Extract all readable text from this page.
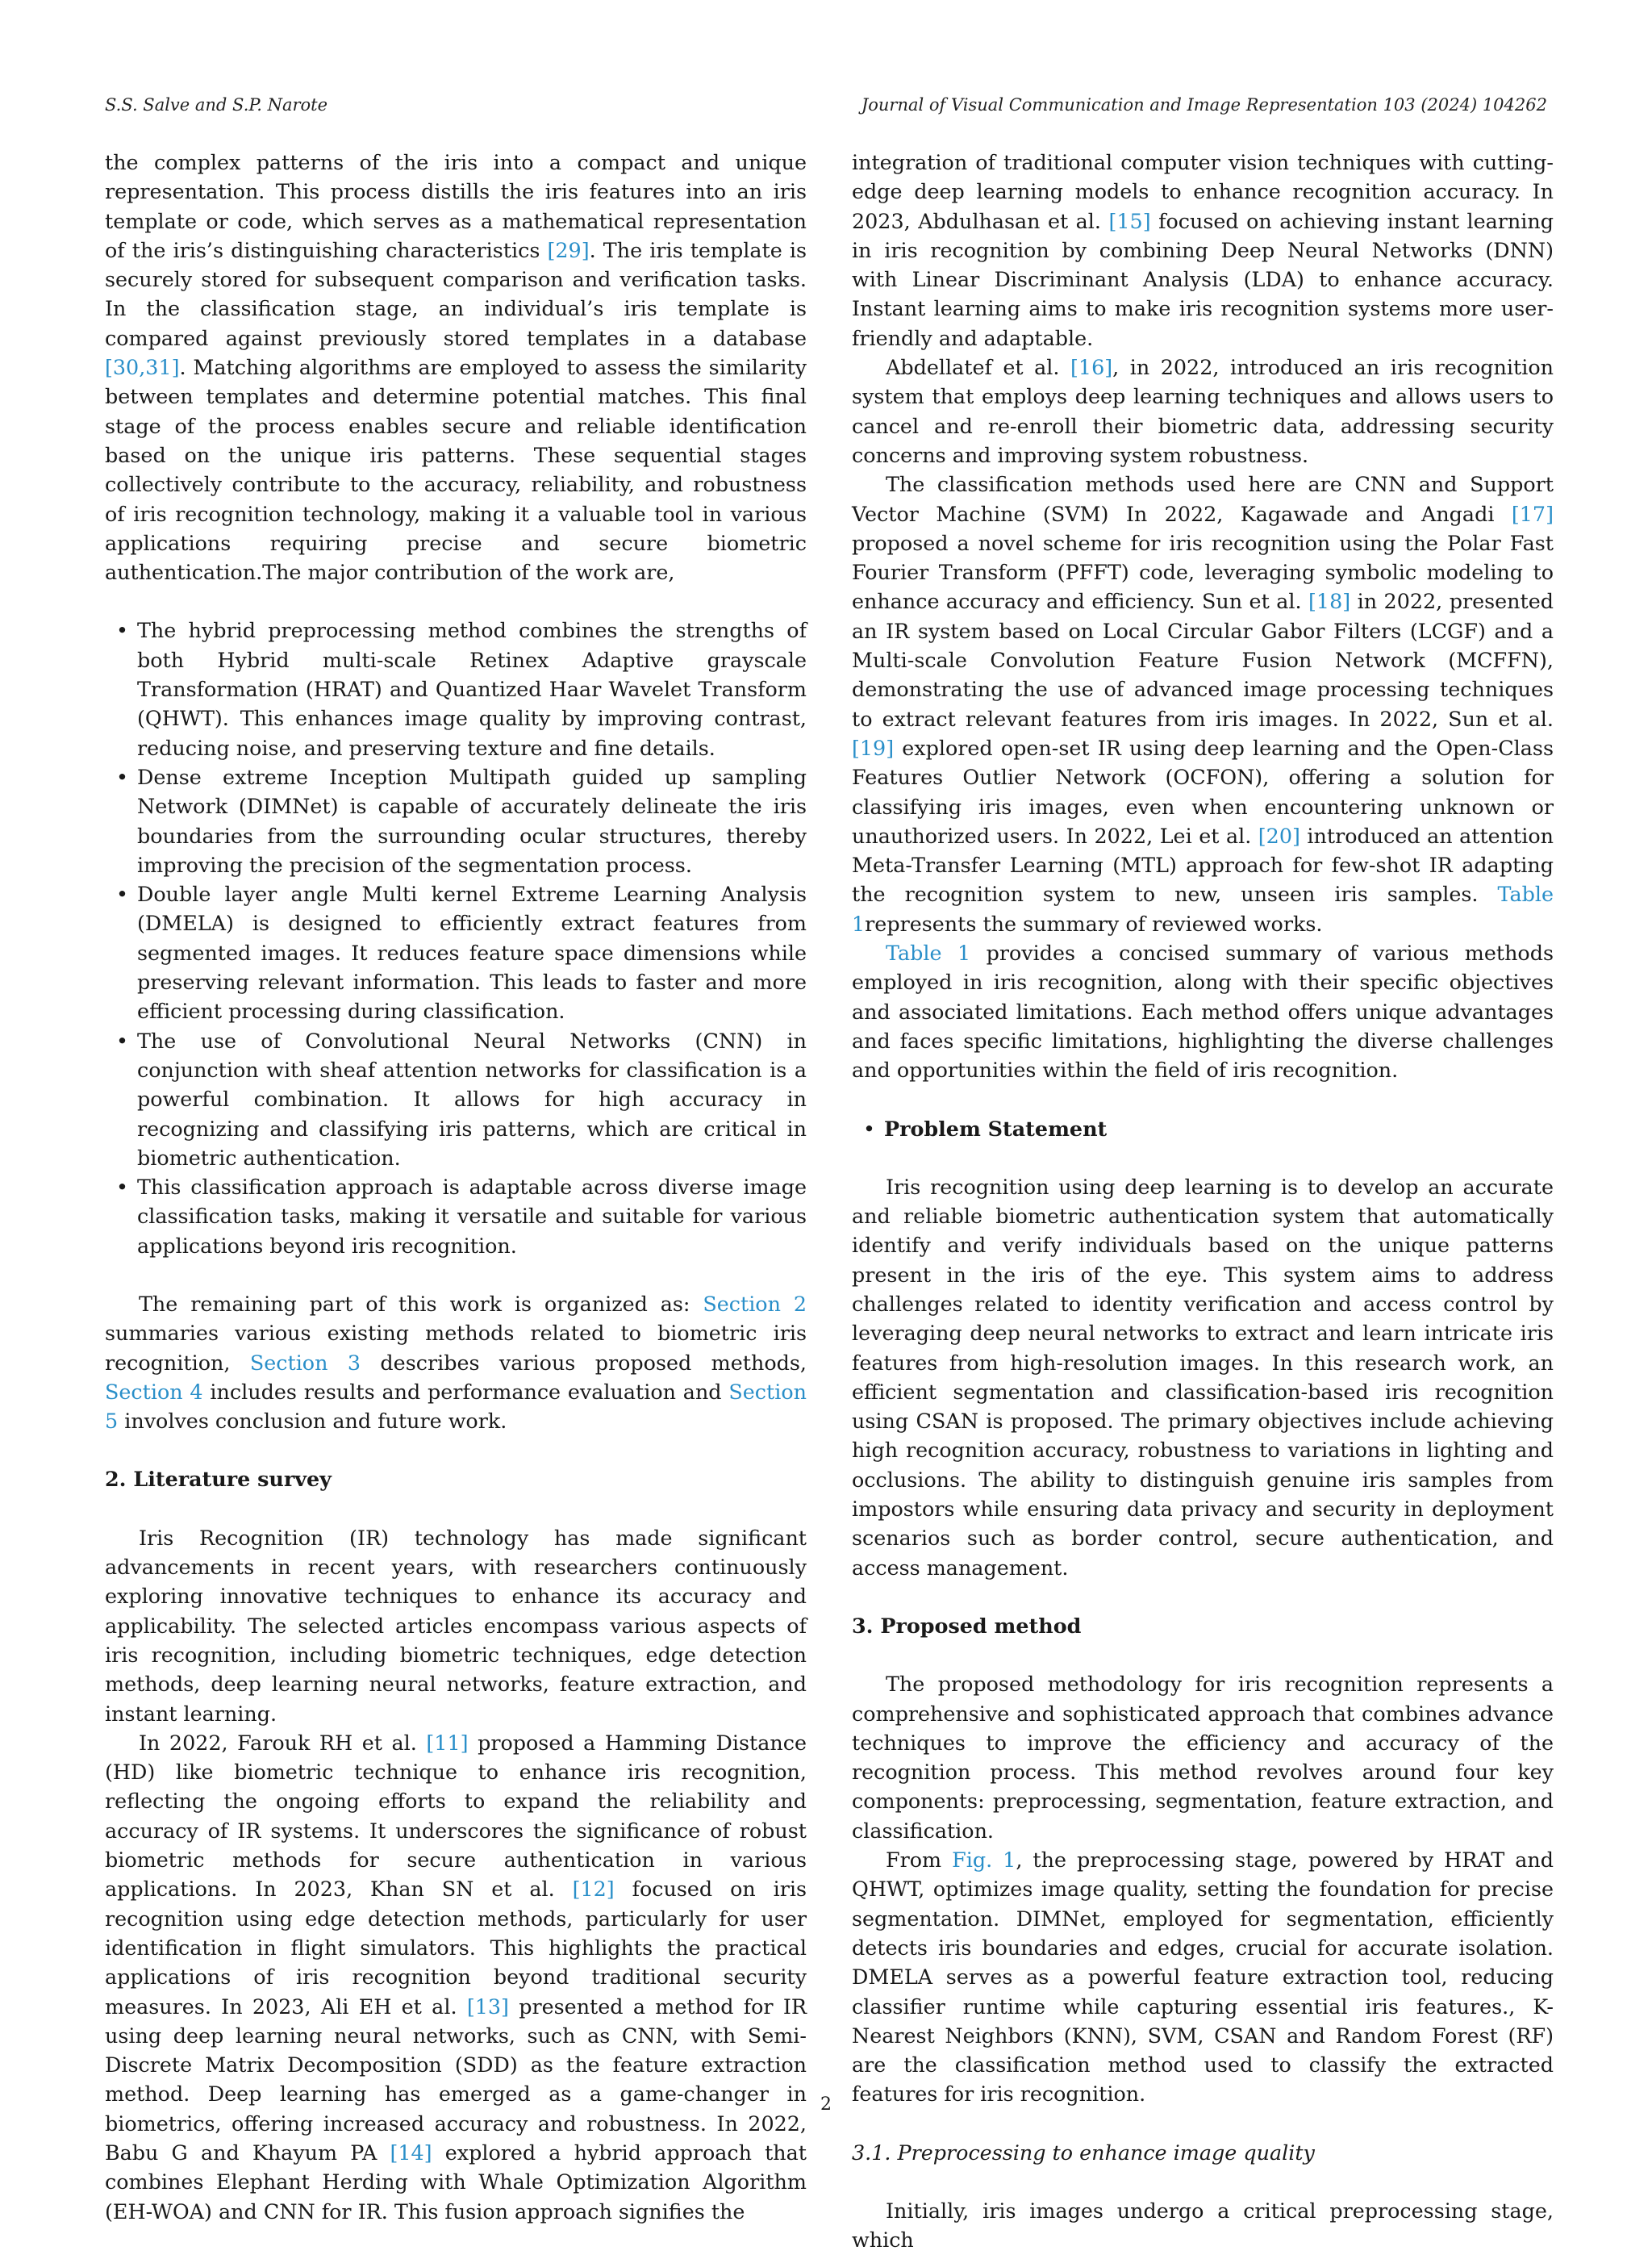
S.S. Salve and S.P. Narote	Journal of Visual Communication and Image Representation 103 (2024) 104262

the complex patterns of the iris into a compact and unique representation. This process distills the iris features into an iris template or code, which serves as a mathematical representation of the iris’s distinguishing characteristics [29]. The iris template is securely stored for subsequent comparison and verification tasks. In the classification stage, an individual’s iris template is compared against previously stored templates in a database [30,31]. Matching algorithms are employed to assess the similarity between templates and determine potential matches. This final stage of the process enables secure and reliable identification based on the unique iris patterns. These sequential stages collectively contribute to the accuracy, reliability, and robustness of iris recognition technology, making it a valuable tool in various applications requiring precise and secure biometric authentication.The major contribution of the work are,

• The hybrid preprocessing method combines the strengths of both Hybrid multi-scale Retinex Adaptive grayscale Transformation (HRAT) and Quantized Haar Wavelet Transform (QHWT). This enhances image quality by improving contrast, reducing noise, and preserving texture and fine details.
• Dense extreme Inception Multipath guided up sampling Network (DIMNet) is capable of accurately delineate the iris boundaries from the surrounding ocular structures, thereby improving the precision of the segmentation process.
• Double layer angle Multi kernel Extreme Learning Analysis (DMELA) is designed to efficiently extract features from segmented images. It reduces feature space dimensions while preserving relevant information. This leads to faster and more efficient processing during classification.
• The use of Convolutional Neural Networks (CNN) in conjunction with sheaf attention networks for classification is a powerful combination. It allows for high accuracy in recognizing and classifying iris patterns, which are critical in biometric authentication.
• This classification approach is adaptable across diverse image classification tasks, making it versatile and suitable for various applications beyond iris recognition.

The remaining part of this work is organized as: Section 2 summaries various existing methods related to biometric iris recognition, Section 3 describes various proposed methods, Section 4 includes results and performance evaluation and Section 5 involves conclusion and future work.

2. Literature survey

Iris Recognition (IR) technology has made significant advancements in recent years, with researchers continuously exploring innovative techniques to enhance its accuracy and applicability. The selected articles encompass various aspects of iris recognition, including biometric techniques, edge detection methods, deep learning neural networks, feature extraction, and instant learning.

In 2022, Farouk RH et al. [11] proposed a Hamming Distance (HD) like biometric technique to enhance iris recognition, reflecting the ongoing efforts to expand the reliability and accuracy of IR systems. It underscores the significance of robust biometric methods for secure authentication in various applications. In 2023, Khan SN et al. [12] focused on iris recognition using edge detection methods, particularly for user identification in flight simulators. This highlights the practical applications of iris recognition beyond traditional security measures. In 2023, Ali EH et al. [13] presented a method for IR using deep learning neural networks, such as CNN, with Semi-Discrete Matrix Decomposition (SDD) as the feature extraction method. Deep learning has emerged as a game-changer in biometrics, offering increased accuracy and robustness. In 2022, Babu G and Khayum PA [14] explored a hybrid approach that combines Elephant Herding with Whale Optimization Algorithm (EH-WOA) and CNN for IR. This fusion approach signifies the

integration of traditional computer vision techniques with cutting-edge deep learning models to enhance recognition accuracy. In 2023, Abdulhasan et al. [15] focused on achieving instant learning in iris recognition by combining Deep Neural Networks (DNN) with Linear Discriminant Analysis (LDA) to enhance accuracy. Instant learning aims to make iris recognition systems more user-friendly and adaptable.

Abdellatef et al. [16], in 2022, introduced an iris recognition system that employs deep learning techniques and allows users to cancel and re-enroll their biometric data, addressing security concerns and improving system robustness.

The classification methods used here are CNN and Support Vector Machine (SVM) In 2022, Kagawade and Angadi [17] proposed a novel scheme for iris recognition using the Polar Fast Fourier Transform (PFFT) code, leveraging symbolic modeling to enhance accuracy and efficiency. Sun et al. [18] in 2022, presented an IR system based on Local Circular Gabor Filters (LCGF) and a Multi-scale Convolution Feature Fusion Network (MCFFN), demonstrating the use of advanced image processing techniques to extract relevant features from iris images. In 2022, Sun et al. [19] explored open-set IR using deep learning and the Open-Class Features Outlier Network (OCFON), offering a solution for classifying iris images, even when encountering unknown or unauthorized users. In 2022, Lei et al. [20] introduced an attention Meta-Transfer Learning (MTL) approach for few-shot IR adapting the recognition system to new, unseen iris samples. Table 1represents the summary of reviewed works.

Table 1 provides a concised summary of various methods employed in iris recognition, along with their specific objectives and associated limitations. Each method offers unique advantages and faces specific limitations, highlighting the diverse challenges and opportunities within the field of iris recognition.

• Problem Statement

Iris recognition using deep learning is to develop an accurate and reliable biometric authentication system that automatically identify and verify individuals based on the unique patterns present in the iris of the eye. This system aims to address challenges related to identity verification and access control by leveraging deep neural networks to extract and learn intricate iris features from high-resolution images. In this research work, an efficient segmentation and classification-based iris recognition using CSAN is proposed. The primary objectives include achieving high recognition accuracy, robustness to variations in lighting and occlusions. The ability to distinguish genuine iris samples from impostors while ensuring data privacy and security in deployment scenarios such as border control, secure authentication, and access management.

3. Proposed method

The proposed methodology for iris recognition represents a comprehensive and sophisticated approach that combines advance techniques to improve the efficiency and accuracy of the recognition process. This method revolves around four key components: preprocessing, segmentation, feature extraction, and classification.

From Fig. 1, the preprocessing stage, powered by HRAT and QHWT, optimizes image quality, setting the foundation for precise segmentation. DIMNet, employed for segmentation, efficiently detects iris boundaries and edges, crucial for accurate isolation. DMELA serves as a powerful feature extraction tool, reducing classifier runtime while capturing essential iris features., K-Nearest Neighbors (KNN), SVM, CSAN and Random Forest (RF) are the classification method used to classify the extracted features for iris recognition.

3.1. Preprocessing to enhance image quality

Initially, iris images undergo a critical preprocessing stage, which

2
